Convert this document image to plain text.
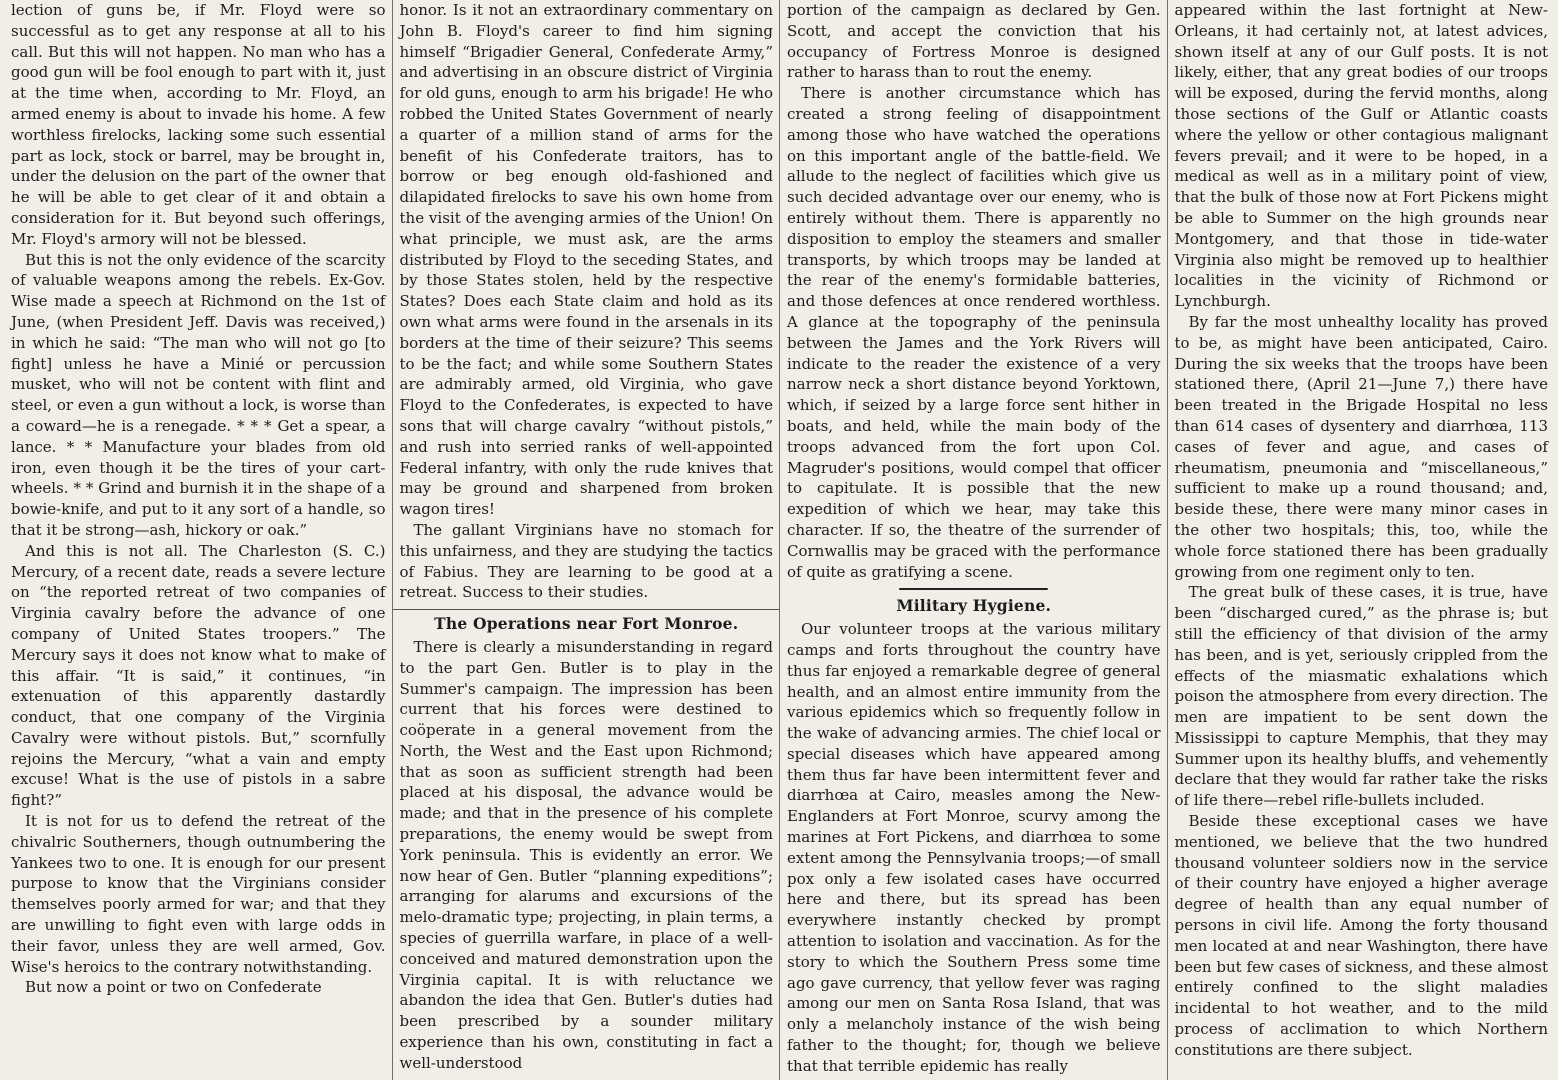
lection of guns be, if Mr. Floyd were so successful as to get any response at all to his call. But this will not happen. No man who has a good gun will be fool enough to part with it, just at the time when, according to Mr. Floyd, an armed enemy is about to invade his home. A few worthless firelocks, lacking some such essential part as lock, stock or barrel, may be brought in, under the delusion on the part of the owner that he will be able to get clear of it and obtain a consideration for it. But beyond such offerings, Mr. Floyd's armory will not be blessed.

But this is not the only evidence of the scarcity of valuable weapons among the rebels. Ex-Gov. Wise made a speech at Richmond on the 1st of June, (when President Jeff. Davis was received,) in which he said: “The man who will not go [to fight] unless he have a Minié or percussion musket, who will not be content with flint and steel, or even a gun without a lock, is worse than a coward—he is a renegade. * * * Get a spear, a lance. * * Manufacture your blades from old iron, even though it be the tires of your cart-wheels. * * Grind and burnish it in the shape of a bowie-knife, and put to it any sort of a handle, so that it be strong—ash, hickory or oak.”

And this is not all. The Charleston (S. C.) Mercury, of a recent date, reads a severe lecture on “the reported retreat of two companies of Virginia cavalry before the advance of one company of United States troopers.” The Mercury says it does not know what to make of this affair. “It is said,” it continues, “in extenuation of this apparently dastardly conduct, that one company of the Virginia Cavalry were without pistols. But,” scornfully rejoins the Mercury, “what a vain and empty excuse! What is the use of pistols in a sabre fight?”

It is not for us to defend the retreat of the chivalric Southerners, though outnumbering the Yankees two to one. It is enough for our present purpose to know that the Virginians consider themselves poorly armed for war; and that they are unwilling to fight even with large odds in their favor, unless they are well armed, Gov. Wise's heroics to the contrary notwithstanding.

But now a point or two on Confederate

honor. Is it not an extraordinary commentary on John B. Floyd's career to find him signing himself “Brigadier General, Confederate Army,” and advertising in an obscure district of Virginia for old guns, enough to arm his brigade! He who robbed the United States Government of nearly a quarter of a million stand of arms for the benefit of his Confederate traitors, has to borrow or beg enough old-fashioned and dilapidated firelocks to save his own home from the visit of the avenging armies of the Union! On what principle, we must ask, are the arms distributed by Floyd to the seceding States, and by those States stolen, held by the respective States? Does each State claim and hold as its own what arms were found in the arsenals in its borders at the time of their seizure? This seems to be the fact; and while some Southern States are admirably armed, old Virginia, who gave Floyd to the Confederates, is expected to have sons that will charge cavalry “without pistols,” and rush into serried ranks of well-appointed Federal infantry, with only the rude knives that may be ground and sharpened from broken wagon tires!

The gallant Virginians have no stomach for this unfairness, and they are studying the tactics of Fabius. They are learning to be good at a retreat. Success to their studies.

The Operations near Fort Monroe.

There is clearly a misunderstanding in regard to the part Gen. Butler is to play in the Summer's campaign. The impression has been current that his forces were destined to coöperate in a general movement from the North, the West and the East upon Richmond; that as soon as sufficient strength had been placed at his disposal, the advance would be made; and that in the presence of his complete preparations, the enemy would be swept from York peninsula. This is evidently an error. We now hear of Gen. Butler “planning expeditions”; arranging for alarums and excursions of the melo-dramatic type; projecting, in plain terms, a species of guerrilla warfare, in place of a well-conceived and matured demonstration upon the Virginia capital. It is with reluctance we abandon the idea that Gen. Butler's duties had been prescribed by a sounder military experience than his own, constituting in fact a well-understood

portion of the campaign as declared by Gen. Scott, and accept the conviction that his occupancy of Fortress Monroe is designed rather to harass than to rout the enemy.

There is another circumstance which has created a strong feeling of disappointment among those who have watched the operations on this important angle of the battle-field. We allude to the neglect of facilities which give us such decided advantage over our enemy, who is entirely without them. There is apparently no disposition to employ the steamers and smaller transports, by which troops may be landed at the rear of the enemy's formidable batteries, and those defences at once rendered worthless. A glance at the topography of the peninsula between the James and the York Rivers will indicate to the reader the existence of a very narrow neck a short distance beyond Yorktown, which, if seized by a large force sent hither in boats, and held, while the main body of the troops advanced from the fort upon Col. Magruder's positions, would compel that officer to capitulate. It is possible that the new expedition of which we hear, may take this character. If so, the theatre of the surrender of Cornwallis may be graced with the performance of quite as gratifying a scene.

Military Hygiene.

Our volunteer troops at the various military camps and forts throughout the country have thus far enjoyed a remarkable degree of general health, and an almost entire immunity from the various epidemics which so frequently follow in the wake of advancing armies. The chief local or special diseases which have appeared among them thus far have been intermittent fever and diarrhœa at Cairo, measles among the New-Englanders at Fort Monroe, scurvy among the marines at Fort Pickens, and diarrhœa to some extent among the Pennsylvania troops;—of small pox only a few isolated cases have occurred here and there, but its spread has been everywhere instantly checked by prompt attention to isolation and vaccination. As for the story to which the Southern Press some time ago gave currency, that yellow fever was raging among our men on Santa Rosa Island, that was only a melancholy instance of the wish being father to the thought; for, though we believe that that terrible epidemic has really

appeared within the last fortnight at New-Orleans, it had certainly not, at latest advices, shown itself at any of our Gulf posts. It is not likely, either, that any great bodies of our troops will be exposed, during the fervid months, along those sections of the Gulf or Atlantic coasts where the yellow or other contagious malignant fevers prevail; and it were to be hoped, in a medical as well as in a military point of view, that the bulk of those now at Fort Pickens might be able to Summer on the high grounds near Montgomery, and that those in tide-water Virginia also might be removed up to healthier localities in the vicinity of Richmond or Lynchburgh.

By far the most unhealthy locality has proved to be, as might have been anticipated, Cairo. During the six weeks that the troops have been stationed there, (April 21—June 7,) there have been treated in the Brigade Hospital no less than 614 cases of dysentery and diarrhœa, 113 cases of fever and ague, and cases of rheumatism, pneumonia and “miscellaneous,” sufficient to make up a round thousand; and, beside these, there were many minor cases in the other two hospitals; this, too, while the whole force stationed there has been gradually growing from one regiment only to ten.

The great bulk of these cases, it is true, have been “discharged cured,” as the phrase is; but still the efficiency of that division of the army has been, and is yet, seriously crippled from the effects of the miasmatic exhalations which poison the atmosphere from every direction. The men are impatient to be sent down the Mississippi to capture Memphis, that they may Summer upon its healthy bluffs, and vehemently declare that they would far rather take the risks of life there—rebel rifle-bullets included.

Beside these exceptional cases we have mentioned, we believe that the two hundred thousand volunteer soldiers now in the service of their country have enjoyed a higher average degree of health than any equal number of persons in civil life. Among the forty thousand men located at and near Washington, there have been but few cases of sickness, and these almost entirely confined to the slight maladies incidental to hot weather, and to the mild process of acclimation to which Northern constitutions are there subject.
